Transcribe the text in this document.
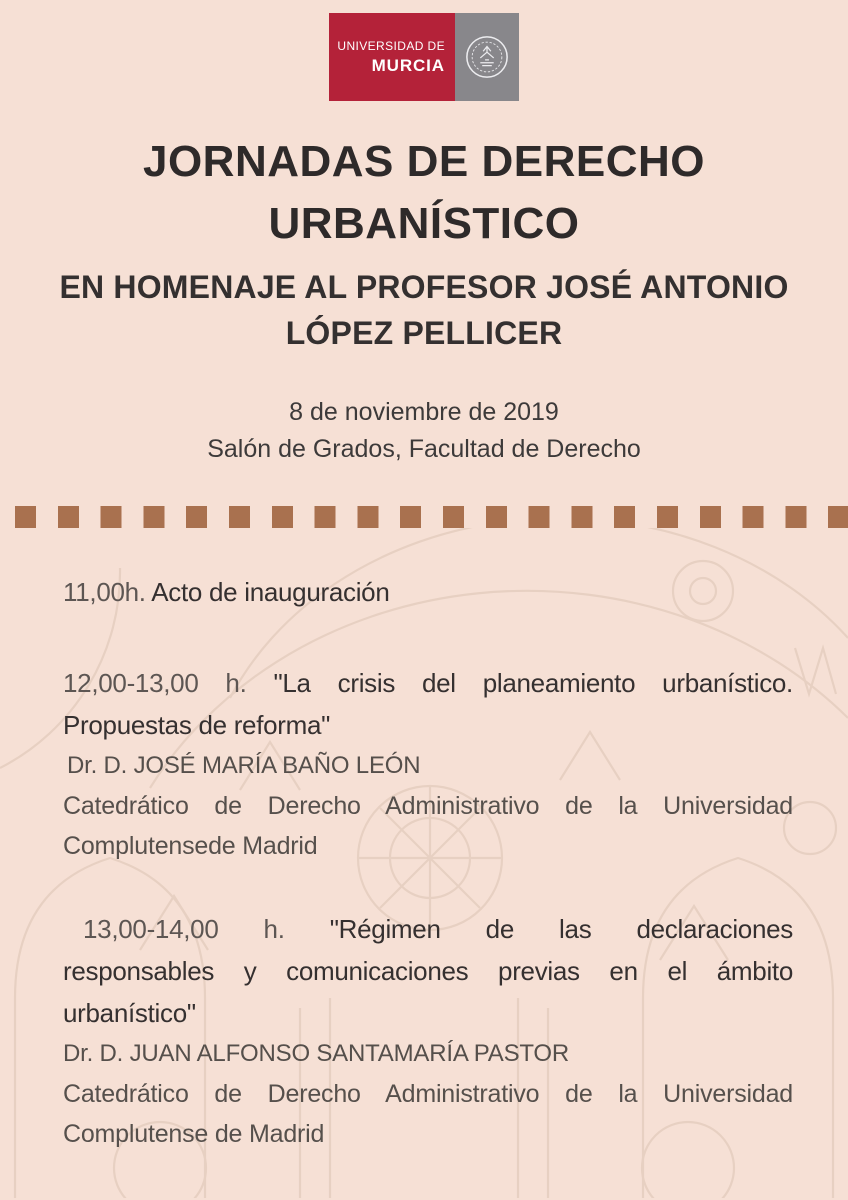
UNIVERSIDAD DE
MURCIA
JORNADAS DE DERECHO
URBANÍSTICO
EN HOMENAJE AL PROFESOR JOSÉ ANTONIO
LÓPEZ PELLICER
8 de noviembre de 2019
Salón de Grados, Facultad de Derecho
11,00h. Acto de inauguración
12,00-13,00 h. "La crisis del planeamiento urbanístico.
Propuestas de reforma"
Dr. D. JOSÉ MARÍA BAÑO LEÓN
Catedrático de Derecho Administrativo de la Universidad
Complutensede Madrid
13,00-14,00 h. "Régimen de las declaraciones
responsables y comunicaciones previas en el ámbito
urbanístico"
Dr. D. JUAN ALFONSO SANTAMARÍA PASTOR
Catedrático de Derecho Administrativo de la Universidad
Complutense de Madrid
